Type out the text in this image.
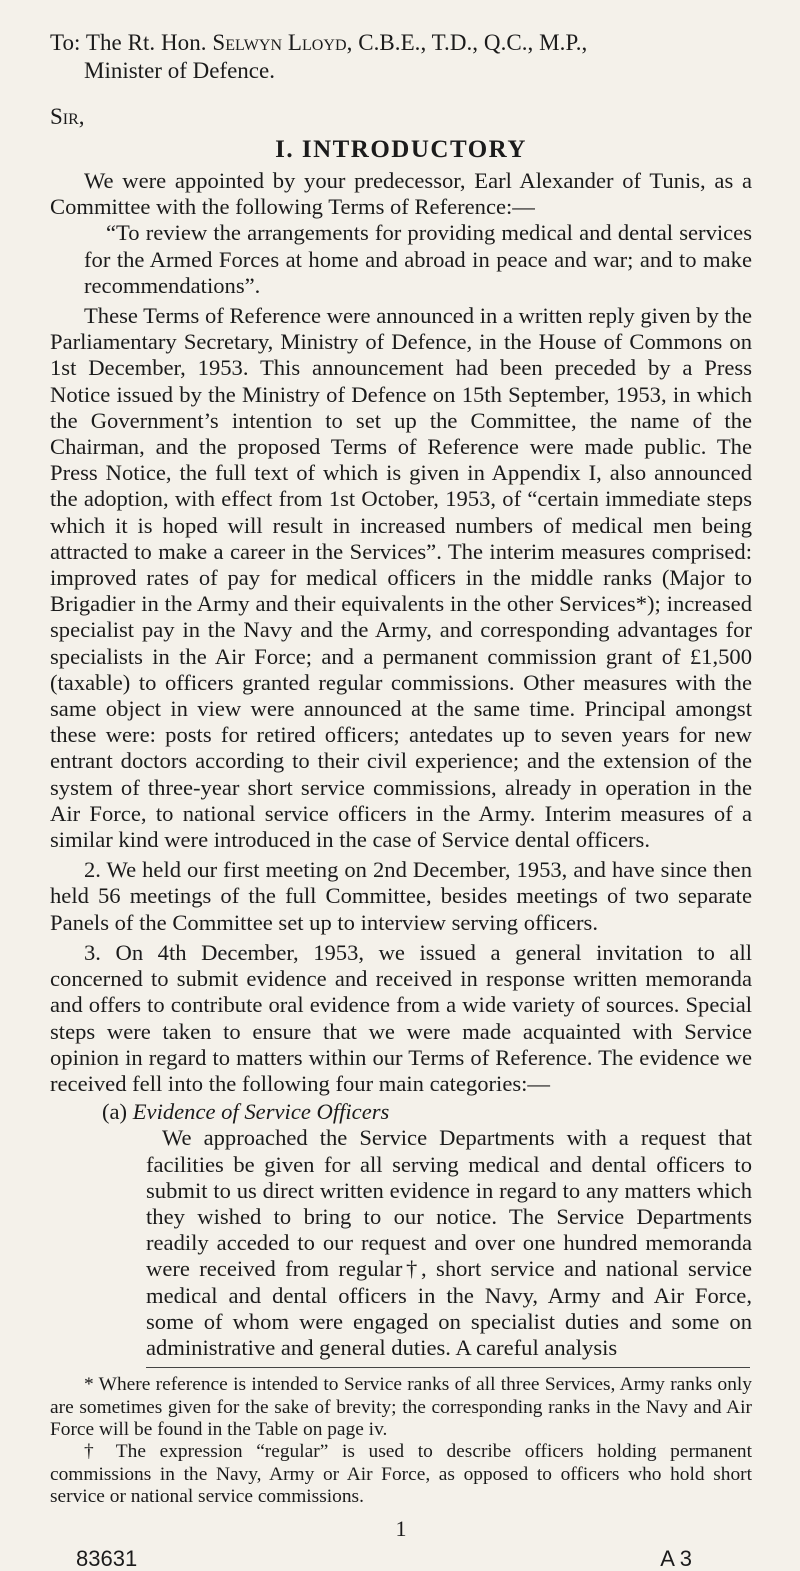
To: The Rt. Hon. Selwyn Lloyd, C.B.E., T.D., Q.C., M.P.,

Minister of Defence.

Sir,

I. INTRODUCTORY

We were appointed by your predecessor, Earl Alexander of Tunis, as a Committee with the following Terms of Reference:—

“To review the arrangements for providing medical and dental services for the Armed Forces at home and abroad in peace and war; and to make recommendations”.

These Terms of Reference were announced in a written reply given by the Parliamentary Secretary, Ministry of Defence, in the House of Commons on 1st December, 1953. This announcement had been preceded by a Press Notice issued by the Ministry of Defence on 15th September, 1953, in which the Government’s intention to set up the Committee, the name of the Chairman, and the proposed Terms of Reference were made public. The Press Notice, the full text of which is given in Appendix I, also announced the adoption, with effect from 1st October, 1953, of “certain immediate steps which it is hoped will result in increased numbers of medical men being attracted to make a career in the Services”. The interim measures comprised: improved rates of pay for medical officers in the middle ranks (Major to Brigadier in the Army and their equivalents in the other Services*); increased specialist pay in the Navy and the Army, and corresponding advantages for specialists in the Air Force; and a permanent commission grant of £1,500 (taxable) to officers granted regular commissions. Other measures with the same object in view were announced at the same time. Principal amongst these were: posts for retired officers; antedates up to seven years for new entrant doctors according to their civil experience; and the extension of the system of three-year short service commissions, already in operation in the Air Force, to national service officers in the Army. Interim measures of a similar kind were introduced in the case of Service dental officers.

2. We held our first meeting on 2nd December, 1953, and have since then held 56 meetings of the full Committee, besides meetings of two separate Panels of the Committee set up to interview serving officers.

3. On 4th December, 1953, we issued a general invitation to all concerned to submit evidence and received in response written memoranda and offers to contribute oral evidence from a wide variety of sources. Special steps were taken to ensure that we were made acquainted with Service opinion in regard to matters within our Terms of Reference. The evidence we received fell into the following four main categories:—

(a) Evidence of Service Officers

We approached the Service Departments with a request that facilities be given for all serving medical and dental officers to submit to us direct written evidence in regard to any matters which they wished to bring to our notice. The Service Departments readily acceded to our request and over one hundred memoranda were received from regular†, short service and national service medical and dental officers in the Navy, Army and Air Force, some of whom were engaged on specialist duties and some on administrative and general duties. A careful analysis

* Where reference is intended to Service ranks of all three Services, Army ranks only are sometimes given for the sake of brevity; the corresponding ranks in the Navy and Air Force will be found in the Table on page iv.

† The expression “regular” is used to describe officers holding permanent commissions in the Navy, Army or Air Force, as opposed to officers who hold short service or national service commissions.

1

83631	A 3
